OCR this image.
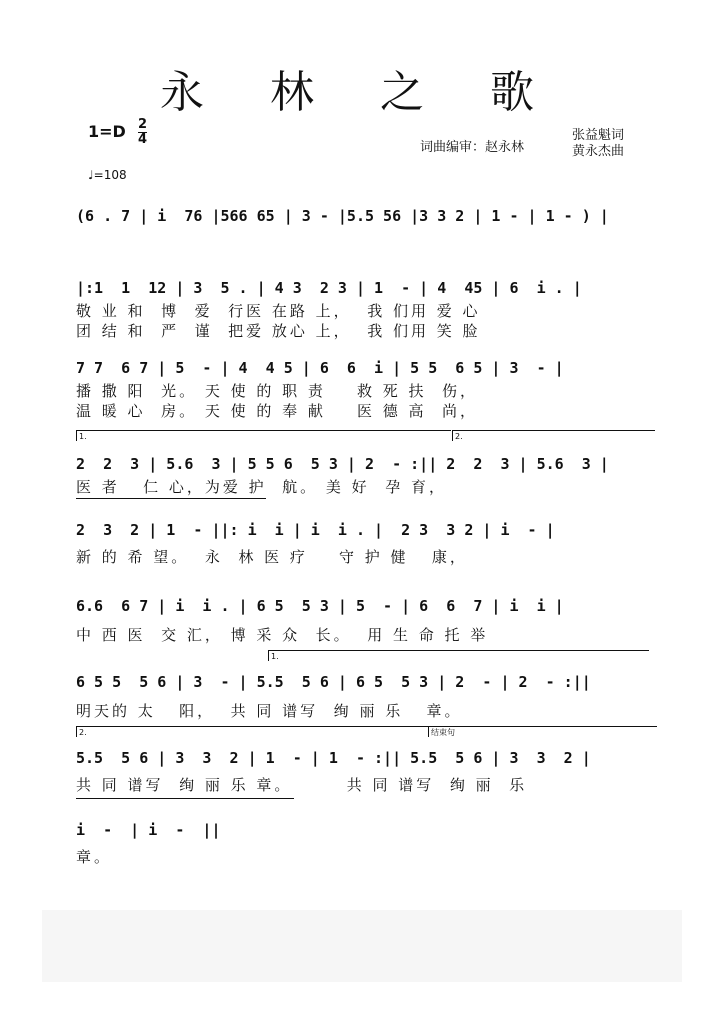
永 林 之 歌
1=D 2
4
♩=108
词曲编审：赵永林
张益魁词
黄永杰曲
(6 . 7 | i  76 |566 65 | 3 - |5.5 56 |3 3 2 | 1 - | 1 - ) |
|:1  1  12 | 3  5 . | 4 3  2 3 | 1  - | 4  45 | 6  i . |
敬 业 和  博  爱  行医 在路 上，  我 们用 爱 心
团 结 和  严  谨  把爱 放心 上，  我 们用 笑 脸
7 7  6 7 | 5  - | 4  4 5 | 6  6  i | 5 5  6 5 | 3  - |
播 撒 阳  光。 天 使 的 职 责    救 死 扶  伤，
温 暖 心  房。 天 使 的 奉 献    医 德 高  尚，
1.	2.
2  2  3 | 5.6  3 | 5 5 6  5 3 | 2  - :|| 2  2  3 | 5.6  3 |
医 者   仁 心，为爱 护  航。 美 好  孕 育，
2  3  2 | 1  - ||: i  i | i  i . |  2 3  3 2 | i  - |
新 的 希 望。  永  林 医 疗    守 护 健   康，
6.6  6 7 | i  i . | 6 5  5 3 | 5  - | 6  6  7 | i  i |
中 西 医  交 汇， 博 采 众  长。  用 生 命 托 举
1.
6 5 5  5 6 | 3  - | 5.5  5 6 | 6 5  5 3 | 2  - | 2  - :||
明天的 太   阳，  共 同 谱写  绚 丽 乐   章。
2.	结束句
5.5  5 6 | 3  3  2 | 1  - | 1  - :|| 5.5  5 6 | 3  3  2 |
共 同 谱写  绚 丽 乐 章。       共 同 谱写  绚 丽  乐
i  -  | i  -  ||
章。
